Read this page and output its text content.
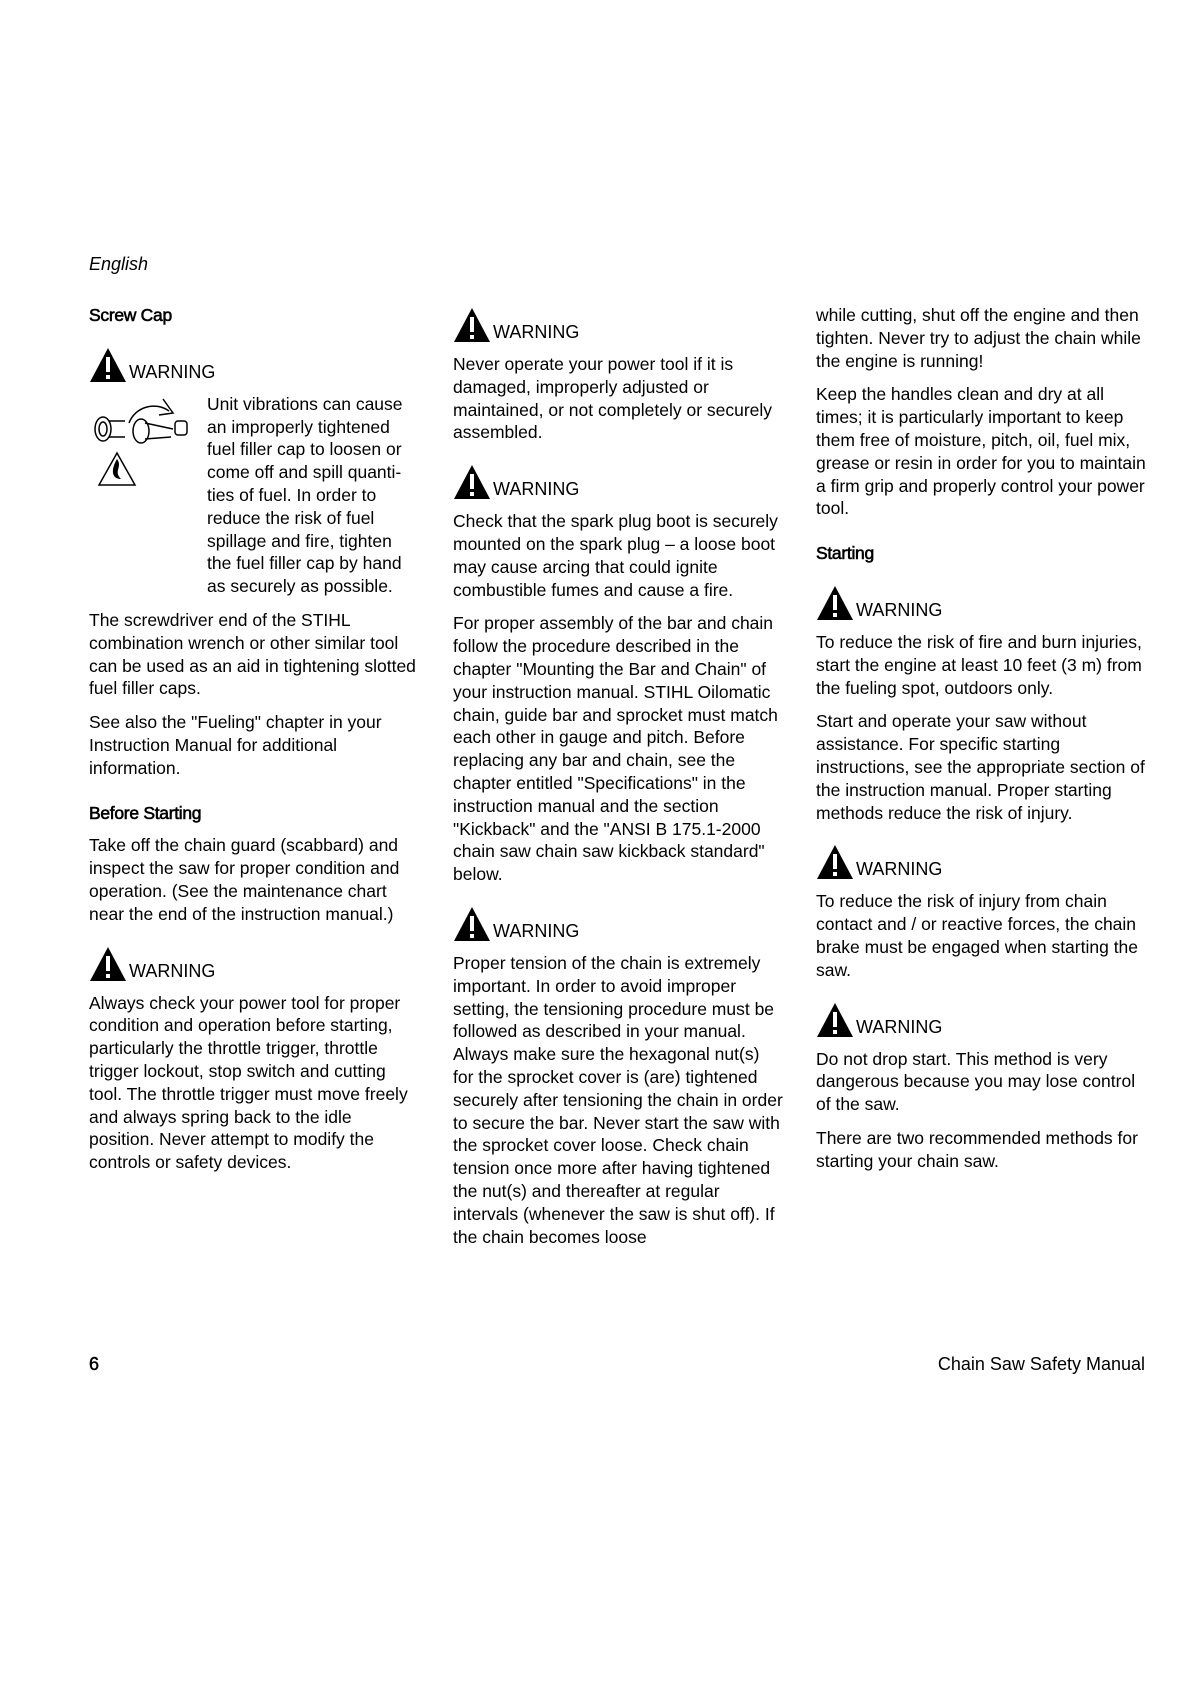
English
Screw Cap
WARNING

Unit vibrations can cause an improperly tightened fuel filler cap to loosen or come off and spill quanti-ties of fuel. In order to reduce the risk of fuel spillage and fire, tighten the fuel filler cap by hand as securely as possible.

The screwdriver end of the STIHL combination wrench or other similar tool can be used as an aid in tightening slotted fuel filler caps.

See also the "Fueling" chapter in your Instruction Manual for additional information.

Before Starting

Take off the chain guard (scabbard) and inspect the saw for proper condition and operation. (See the maintenance chart near the end of the instruction manual.)

WARNING

Always check your power tool for proper condition and operation before starting, particularly the throttle trigger, throttle trigger lockout, stop switch and cutting tool. The throttle trigger must move freely and always spring back to the idle position. Never attempt to modify the controls or safety devices.

WARNING

Never operate your power tool if it is damaged, improperly adjusted or maintained, or not completely or securely assembled.

WARNING

Check that the spark plug boot is securely mounted on the spark plug – a loose boot may cause arcing that could ignite combustible fumes and cause a fire.

For proper assembly of the bar and chain follow the procedure described in the chapter "Mounting the Bar and Chain" of your instruction manual. STIHL Oilomatic chain, guide bar and sprocket must match each other in gauge and pitch. Before replacing any bar and chain, see the chapter entitled "Specifications" in the instruction manual and the section "Kickback" and the "ANSI B 175.1-2000 chain saw chain saw kickback standard" below.

WARNING

Proper tension of the chain is extremely important. In order to avoid improper setting, the tensioning procedure must be followed as described in your manual. Always make sure the hexagonal nut(s) for the sprocket cover is (are) tightened securely after tensioning the chain in order to secure the bar. Never start the saw with the sprocket cover loose. Check chain tension once more after having tightened the nut(s) and thereafter at regular intervals (whenever the saw is shut off). If the chain becomes loose

while cutting, shut off the engine and then tighten. Never try to adjust the chain while the engine is running!

Keep the handles clean and dry at all times; it is particularly important to keep them free of moisture, pitch, oil, fuel mix, grease or resin in order for you to maintain a firm grip and properly control your power tool.

Starting
WARNING

To reduce the risk of fire and burn injuries, start the engine at least 10 feet (3 m) from the fueling spot, outdoors only.

Start and operate your saw without assistance. For specific starting instructions, see the appropriate section of the instruction manual. Proper starting methods reduce the risk of injury.

WARNING

To reduce the risk of injury from chain contact and / or reactive forces, the chain brake must be engaged when starting the saw.

WARNING

Do not drop start. This method is very dangerous because you may lose control of the saw.

There are two recommended methods for starting your chain saw.

6	Chain Saw Safety Manual
